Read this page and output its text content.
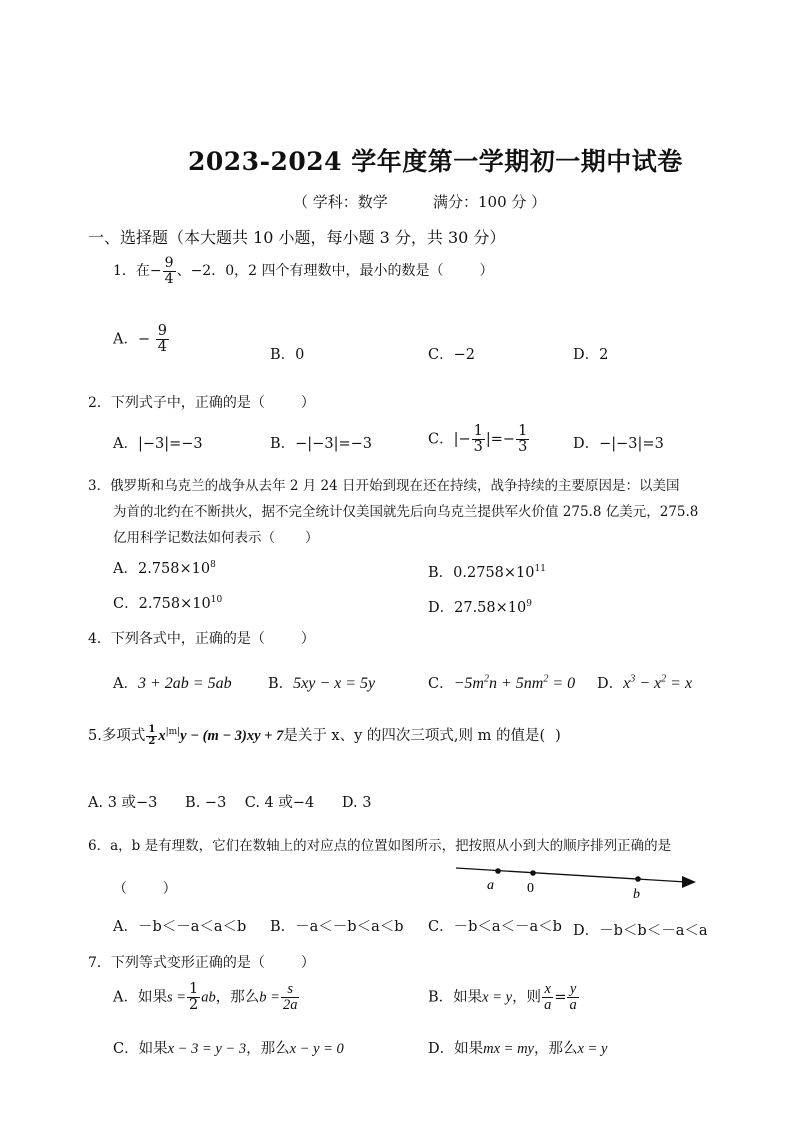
2023-2024 学年度第一学期初一期中试卷
（ 学科：数学	满分：100 分 ）
一、选择题（本大题共 10 小题，每小题 3 分，共 30 分）
1．在− $\frac{9}{4}$ 、−2．0，2 四个有理数中，最小的数是（	）
A．− $\frac{9}{4}$	B．0	C．−2	D．2
2．下列式子中，正确的是（	）
A．|−3|=−3	B．−|−3|=−3	C．|− $\frac{1}{3}$ |=− $\frac{1}{3}$	D．−|−3|=3
3．俄罗斯和乌克兰的战争从去年 2 月 24 日开始到现在还在持续，战争持续的主要原因是：以美国
为首的北约在不断拱火，据不完全统计仅美国就先后向乌克兰提供军火价值 275.8 亿美元，275.8
亿用科学记数法如何表示（ ）
A．$2.758\times 10^8$	B．$0.2758\times 10^{11}$
C．$2.758\times 10^{10}$	D．$27.58\times 10^9$
4．下列各式中，正确的是（	）
A．3 + 2ab = 5ab	B．5xy − x = 5y	C．$-5m^2n + 5nm^2 = 0$ D．$x^3 - x^2 = x$
5.多项式 $\frac{1}{2} x^{|m|}y - (m - 3)xy + 7$是关于 x、y 的四次三项式,则 m 的值是( )
A. 3 或−3      B. −3    C. 4 或−4      D. 3
6．a，b 是有理数，它们在数轴上的对应点的位置如图所示，把按照从小到大的顺序排列正确的是
（        ）	a 0	b
A．－b＜－a＜a＜b B．－a＜－b＜a＜b C．－b＜a＜－a＜b D．－b＜b＜－a＜a
7．下列等式变形正确的是（	）
A．如果$s = \frac{1}{2}$ ab，那么$b = \frac{s}{2a}$	B．如果x = y，则 $\frac{x}{a} = \frac{y}{a}$
C．如果x − 3 = y − 3，那么x − y = 0	D．如果mx = my，那么x = y
